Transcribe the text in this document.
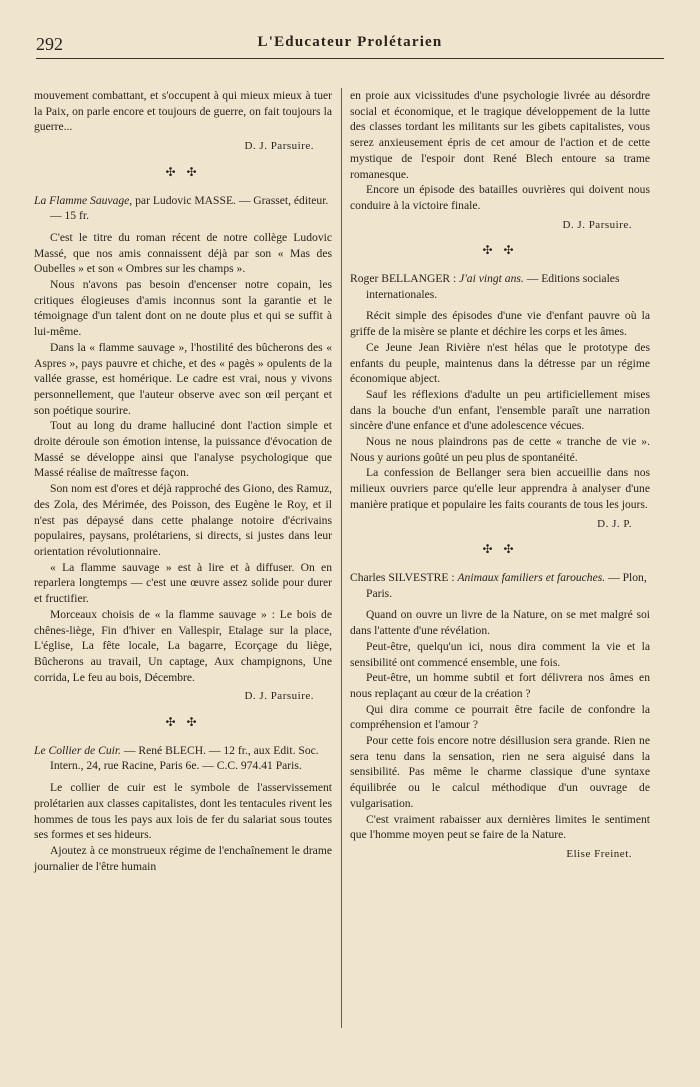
292	L'Educateur Prolétarien

mouvement combattant, et s'occupent à qui mieux mieux à tuer la Paix, on parle encore et toujours de guerre, on fait toujours la guerre...

D. J. Parsuire.
✣ ✣

La Flamme Sauvage, par Ludovic MASSE. — Grasset, éditeur. — 15 fr.

C'est le titre du roman récent de notre collège Ludovic Massé, que nos amis connaissent déjà par son « Mas des Oubelles » et son « Ombres sur les champs ».

Nous n'avons pas besoin d'encenser notre copain, les critiques élogieuses d'amis inconnus sont la garantie et le témoignage d'un talent dont on ne doute plus et qui se suffit à lui-même.

Dans la « flamme sauvage », l'hostilité des bûcherons des « Aspres », pays pauvre et chiche, et des « pagès » opulents de la vallée grasse, est homérique. Le cadre est vrai, nous y vivons personnellement, que l'auteur observe avec son œil perçant et son poétique sourire.

Tout au long du drame halluciné dont l'action simple et droite déroule son émotion intense, la puissance d'évocation de Massé se développe ainsi que l'analyse psychologique que Massé réalise de maîtresse façon.

Son nom est d'ores et déjà rapproché des Giono, des Ramuz, des Zola, des Mérimée, des Poisson, des Eugène le Roy, et il n'est pas dépaysé dans cette phalange notoire d'écrivains populaires, paysans, prolétariens, si directs, si justes dans leur orientation révolutionnaire.

« La flamme sauvage » est à lire et à diffuser. On en reparlera longtemps — c'est une œuvre assez solide pour durer et fructifier.

Morceaux choisis de « la flamme sauvage » : Le bois de chênes-liège, Fin d'hiver en Vallespir, Etalage sur la place, L'église, La fête locale, La bagarre, Ecorçage du liège, Bûcherons au travail, Un captage, Aux champignons, Une corrida, Le feu au bois, Décembre.

D. J. Parsuire.
✣ ✣

Le Collier de Cuir. — René BLECH. — 12 fr., aux Edit. Soc. Intern., 24, rue Racine, Paris 6e. — C.C. 974.41 Paris.

Le collier de cuir est le symbole de l'asservissement prolétarien aux classes capitalistes, dont les tentacules rivent les hommes de tous les pays aux lois de fer du salariat sous toutes ses formes et ses hideurs.

Ajoutez à ce monstrueux régime de l'enchaînement le drame journalier de l'être humain

en proie aux vicissitudes d'une psychologie livrée au désordre social et économique, et le tragique développement de la lutte des classes tordant les militants sur les gibets capitalistes, vous serez anxieusement épris de cet amour de l'action et de cette mystique de l'espoir dont René Blech entoure sa trame romanesque.

Encore un épisode des batailles ouvrières qui doivent nous conduire à la victoire finale.

D. J. Parsuire.
✣ ✣

Roger BELLANGER : J'ai vingt ans. — Editions sociales internationales.

Récit simple des épisodes d'une vie d'enfant pauvre où la griffe de la misère se plante et déchire les corps et les âmes.

Ce Jeune Jean Rivière n'est hélas que le prototype des enfants du peuple, maintenus dans la détresse par un régime économique abject.

Sauf les réflexions d'adulte un peu artificiellement mises dans la bouche d'un enfant, l'ensemble paraît une narration sincère d'une enfance et d'une adolescence vécues.

Nous ne nous plaindrons pas de cette « tranche de vie ». Nous y aurions goûté un peu plus de spontanéité.

La confession de Bellanger sera bien accueillie dans nos milieux ouvriers parce qu'elle leur apprendra à analyser d'une manière pratique et populaire les faits courants de tous les jours.

D. J. P.
✣ ✣

Charles SILVESTRE : Animaux familiers et farouches. — Plon, Paris.

Quand on ouvre un livre de la Nature, on se met malgré soi dans l'attente d'une révélation.

Peut-être, quelqu'un ici, nous dira comment la vie et la sensibilité ont commencé ensemble, une fois.

Peut-être, un homme subtil et fort délivrera nos âmes en nous replaçant au cœur de la création ?

Qui dira comme ce pourrait être facile de confondre la compréhension et l'amour ?

Pour cette fois encore notre désillusion sera grande. Rien ne sera tenu dans la sensation, rien ne sera aiguisé dans la sensibilité. Pas même le charme classique d'une syntaxe équilibrée ou le calcul méthodique d'un ouvrage de vulgarisation.

C'est vraiment rabaisser aux dernières limites le sentiment que l'homme moyen peut se faire de la Nature.

Elise Freinet.
